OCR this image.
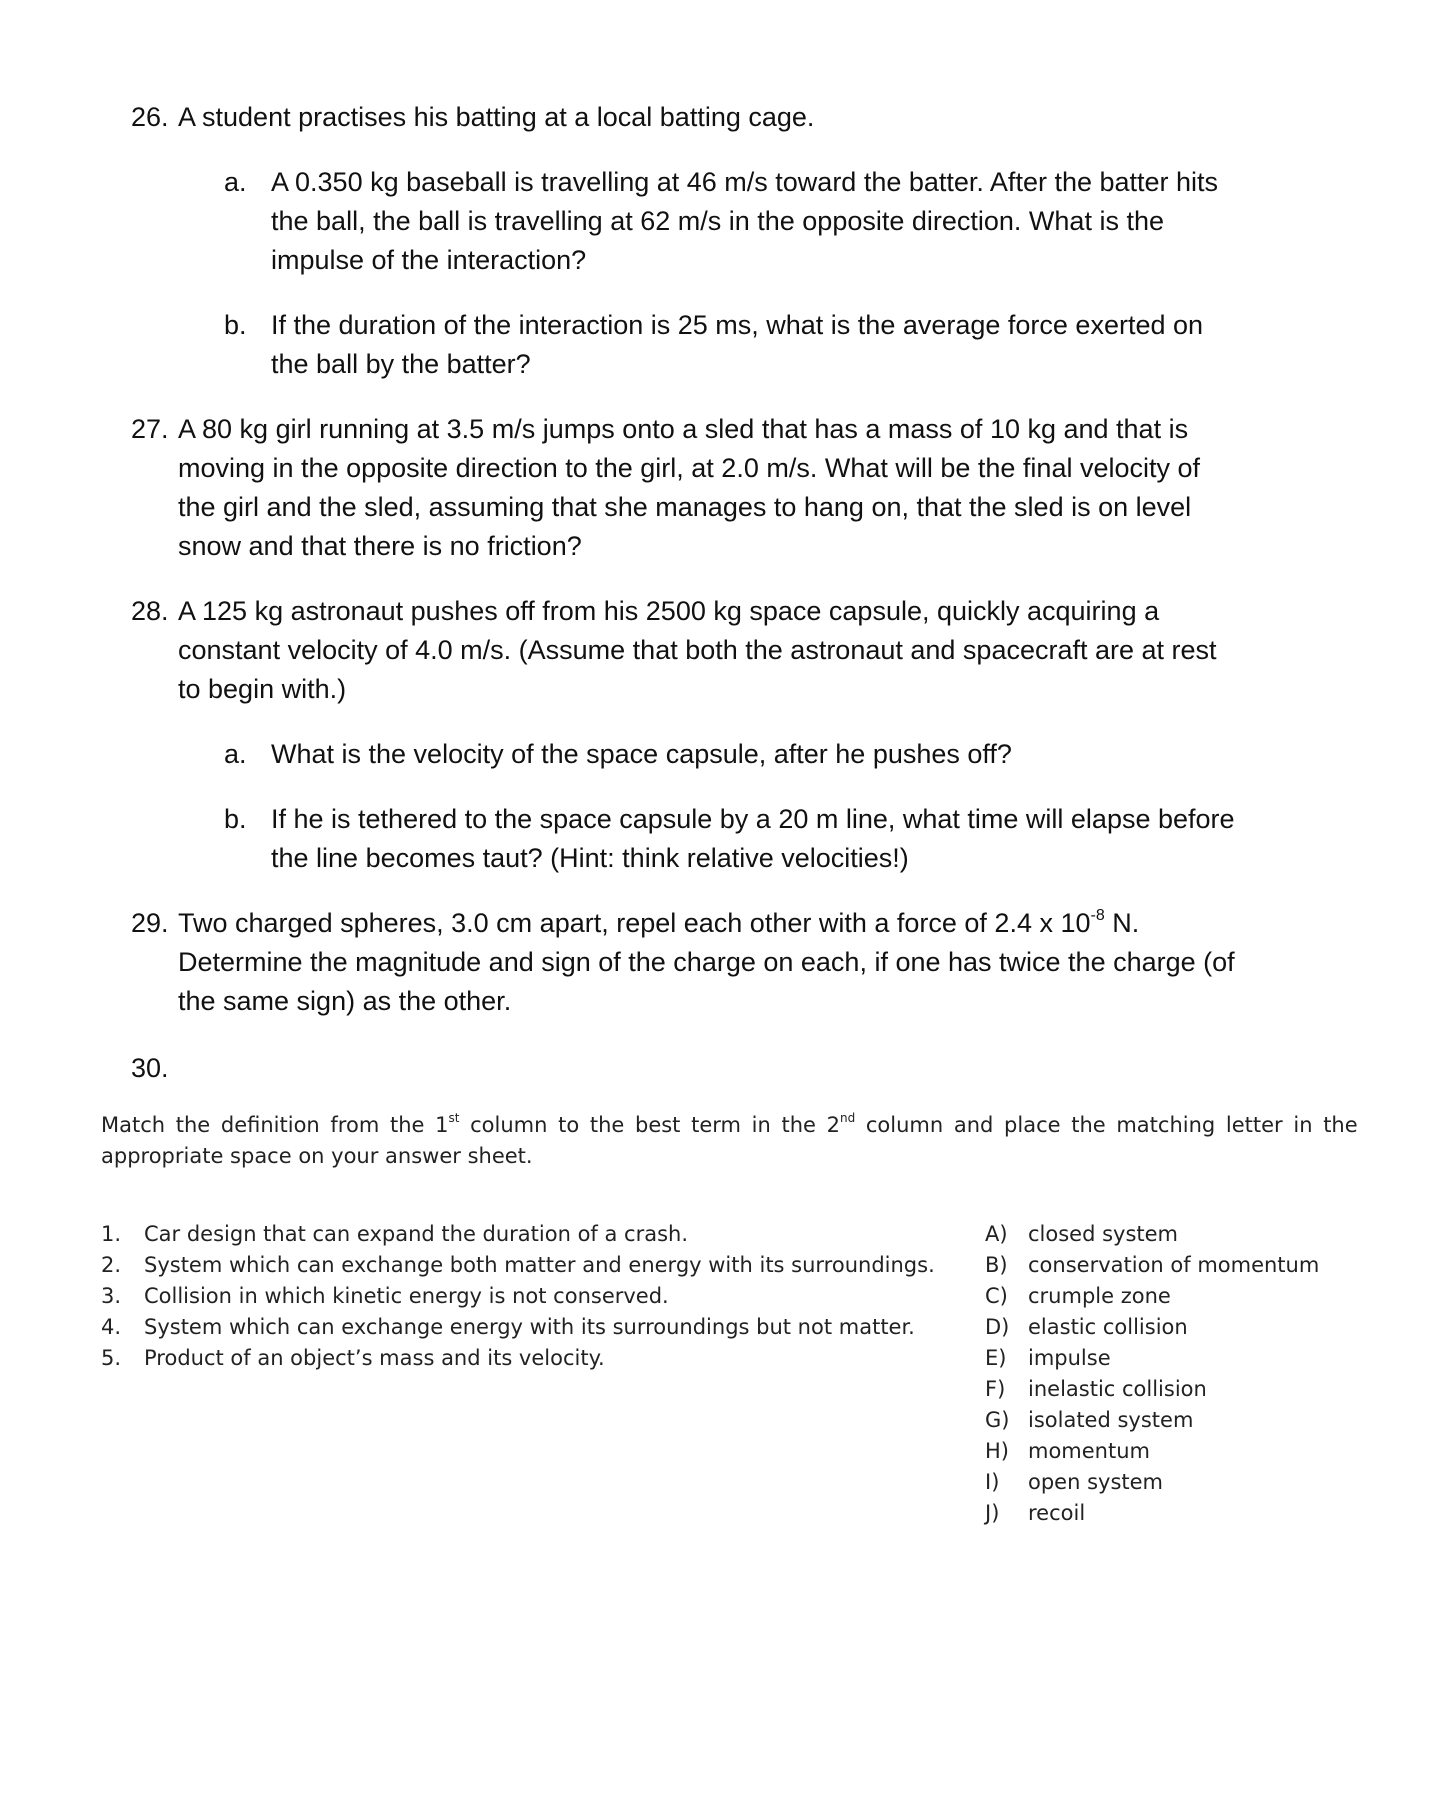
26. A student practises his batting at a local batting cage.
a. A 0.350 kg baseball is travelling at 46 m/s toward the batter. After the batter hits
the ball, the ball is travelling at 62 m/s in the opposite direction. What is the
impulse of the interaction?
b. If the duration of the interaction is 25 ms, what is the average force exerted on
the ball by the batter?
27. A 80 kg girl running at 3.5 m/s jumps onto a sled that has a mass of 10 kg and that is
moving in the opposite direction to the girl, at 2.0 m/s. What will be the final velocity of
the girl and the sled, assuming that she manages to hang on, that the sled is on level
snow and that there is no friction?
28. A 125 kg astronaut pushes off from his 2500 kg space capsule, quickly acquiring a
constant velocity of 4.0 m/s. (Assume that both the astronaut and spacecraft are at rest
to begin with.)
a. What is the velocity of the space capsule, after he pushes off?
b. If he is tethered to the space capsule by a 20 m line, what time will elapse before
the line becomes taut? (Hint: think relative velocities!)
29. Two charged spheres, 3.0 cm apart, repel each other with a force of 2.4 x $10^{-8}$ N.
Determine the magnitude and sign of the charge on each, if one has twice the charge (of
the same sign) as the other.
30.
Match the definition from the 1st column to the best term in the 2nd column and place the matching letter in the
appropriate space on your answer sheet.
1. Car design that can expand the duration of a crash.
2. System which can exchange both matter and energy with its surroundings.
3. Collision in which kinetic energy is not conserved.
4. System which can exchange energy with its surroundings but not matter.
5. Product of an object’s mass and its velocity.
A) closed system
B) conservation of momentum
C) crumple zone
D) elastic collision
E) impulse
F) inelastic collision
G) isolated system
H) momentum
I) open system
J) recoil
